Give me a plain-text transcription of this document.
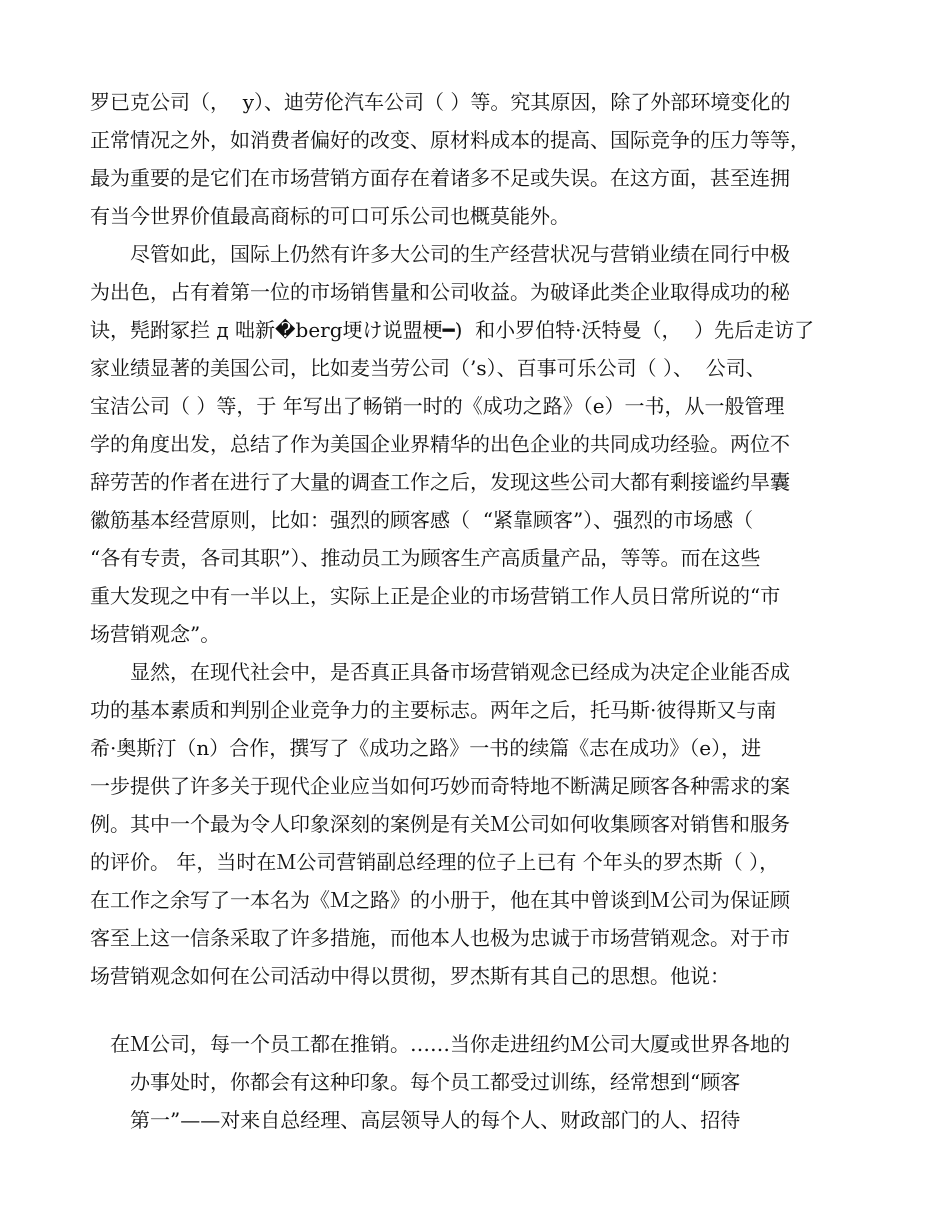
罗已克公司（，  y）、迪劳伦汽车公司（ ）等。究其原因，除了外部环境变化的
正常情况之外，如消费者偏好的改变、原材料成本的提高、国际竞争的压力等等，
最为重要的是它们在市场营销方面存在着诸多不足或失误。在这方面，甚至连拥
有当今世界价值最高商标的可口可乐公司也概莫能外。
尽管如此，国际上仍然有许多大公司的生产经营状况与营销业绩在同行中极
为出色，占有着第一位的市场销售量和公司收益。为破译此类企业取得成功的秘
诀，髡跗冢拦 д 咄新�berg埂け说盟梗━)  和小罗伯特·沃特曼（，  ）先后走访了
家业绩显著的美国公司，比如麦当劳公司（’s）、百事可乐公司（ ）、  公司、
宝洁公司（ ）等，于 年写出了畅销一时的《成功之路》（e）一书，从一般管理
学的角度出发，总结了作为美国企业界精华的出色企业的共同成功经验。两位不
辞劳苦的作者在进行了大量的调查工作之后，发现这些公司大都有剩接谧约旱囊
徽筋基本经营原则，比如：强烈的顾客感（  “紧靠顾客”）、强烈的市场感（
“各有专责，各司其职”）、推动员工为顾客生产高质量产品，等等。而在这些
重大发现之中有一半以上，实际上正是企业的市场营销工作人员日常所说的“市
场营销观念”。
显然，在现代社会中，是否真正具备市场营销观念已经成为决定企业能否成
功的基本素质和判别企业竞争力的主要标志。两年之后，托马斯·彼得斯又与南
希·奥斯汀（n）合作，撰写了《成功之路》一书的续篇《志在成功》（e），进
一步提供了许多关于现代企业应当如何巧妙而奇特地不断满足顾客各种需求的案
例。其中一个最为令人印象深刻的案例是有关Ｍ公司如何收集顾客对销售和服务
的评价。 年，当时在Ｍ公司营销副总经理的位子上已有 个年头的罗杰斯（ ），
在工作之余写了一本名为《Ｍ之路》的小册于，他在其中曾谈到Ｍ公司为保证顾
客至上这一信条采取了许多措施，而他本人也极为忠诚于市场营销观念。对于市
场营销观念如何在公司活动中得以贯彻，罗杰斯有其自己的思想。他说：
在Ｍ公司，每一个员工都在推销。……当你走进纽约Ｍ公司大厦或世界各地的
办事处时，你都会有这种印象。每个员工都受过训练，经常想到“顾客
第一”——对来自总经理、高层领导人的每个人、财政部门的人、招待
